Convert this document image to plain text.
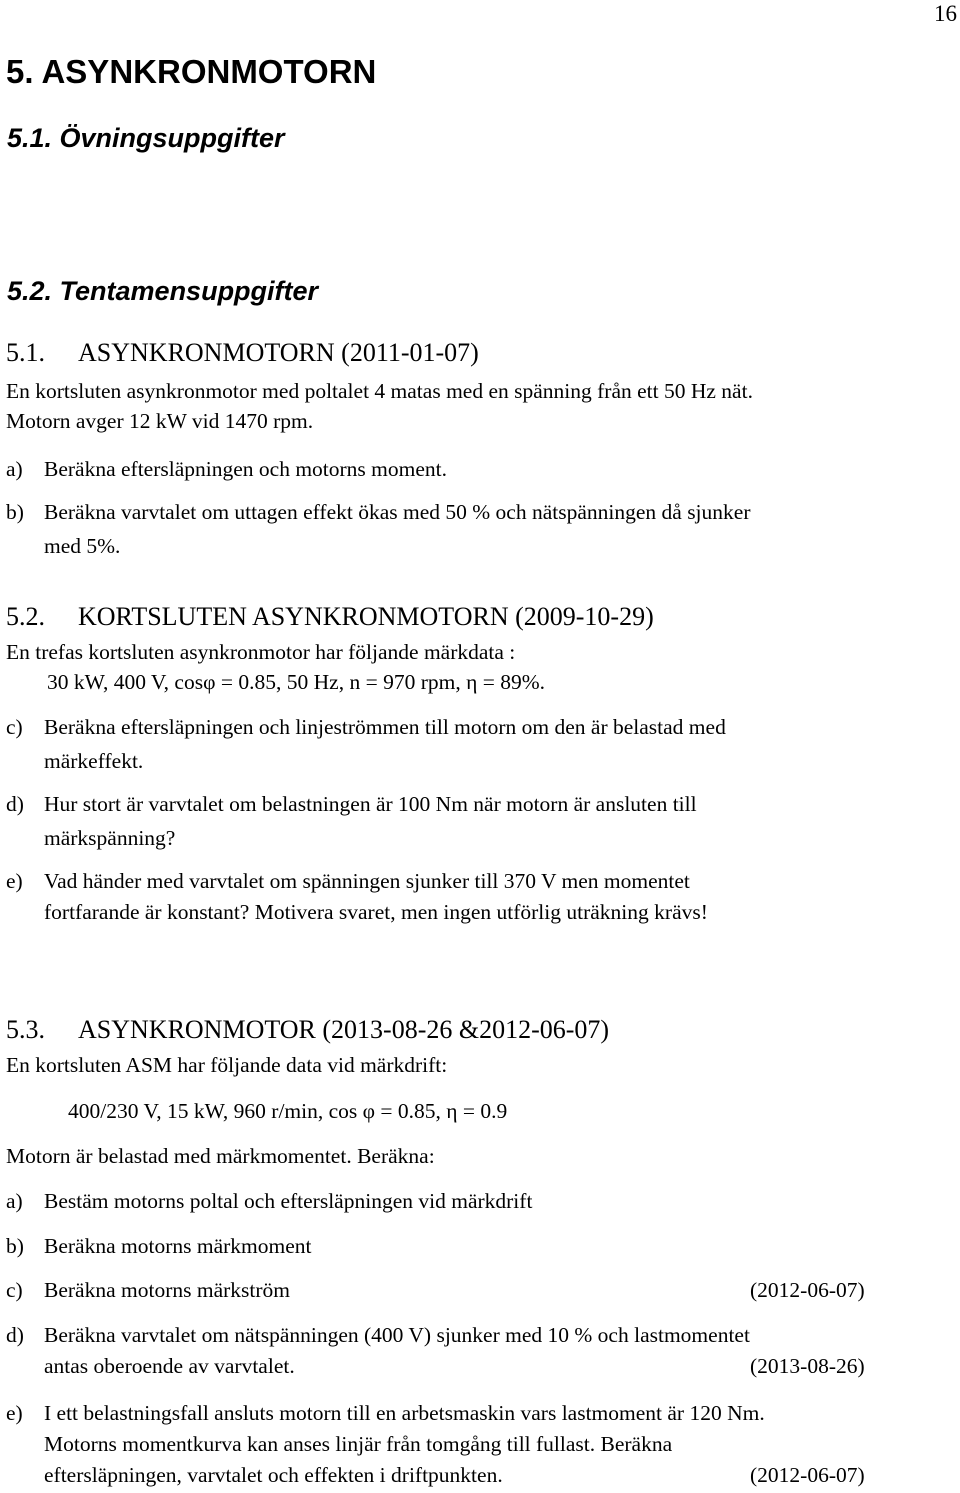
16
5. ASYNKRONMOTORN
5.1. Övningsuppgifter
5.2. Tentamensuppgifter
5.1. ASYNKRONMOTORN (2011-01-07)
En kortsluten asynkronmotor med poltalet 4 matas med en spänning från ett 50 Hz nät.
Motorn avger 12 kW vid 1470 rpm.
a) Beräkna eftersläpningen och motorns moment.
b) Beräkna varvtalet om uttagen effekt ökas med 50 % och nätspänningen då sjunker
med 5%.
5.2. KORTSLUTEN ASYNKRONMOTORN (2009-10-29)
En trefas kortsluten asynkronmotor har följande märkdata :
30 kW, 400 V, cosφ = 0.85, 50 Hz, n = 970 rpm, η = 89%.
c) Beräkna eftersläpningen och linjeströmmen till motorn om den är belastad med
märkeffekt.
d) Hur stort är varvtalet om belastningen är 100 Nm när motorn är ansluten till
märkspänning?
e) Vad händer med varvtalet om spänningen sjunker till 370 V men momentet
fortfarande är konstant? Motivera svaret, men ingen utförlig uträkning krävs!
5.3. ASYNKRONMOTOR (2013-08-26 &2012-06-07)
En kortsluten ASM har följande data vid märkdrift:
400/230 V, 15 kW, 960 r/min, cos φ = 0.85, η = 0.9
Motorn är belastad med märkmomentet. Beräkna:
a) Bestäm motorns poltal och eftersläpningen vid märkdrift
b) Beräkna motorns märkmoment
c) Beräkna motorns märkström	(2012-06-07)
d) Beräkna varvtalet om nätspänningen (400 V) sjunker med 10 % och lastmomentet
antas oberoende av varvtalet.	(2013-08-26)
e) I ett belastningsfall ansluts motorn till en arbetsmaskin vars lastmoment är 120 Nm.
Motorns momentkurva kan anses linjär från tomgång till fullast. Beräkna
eftersläpningen, varvtalet och effekten i driftpunkten.	(2012-06-07)
